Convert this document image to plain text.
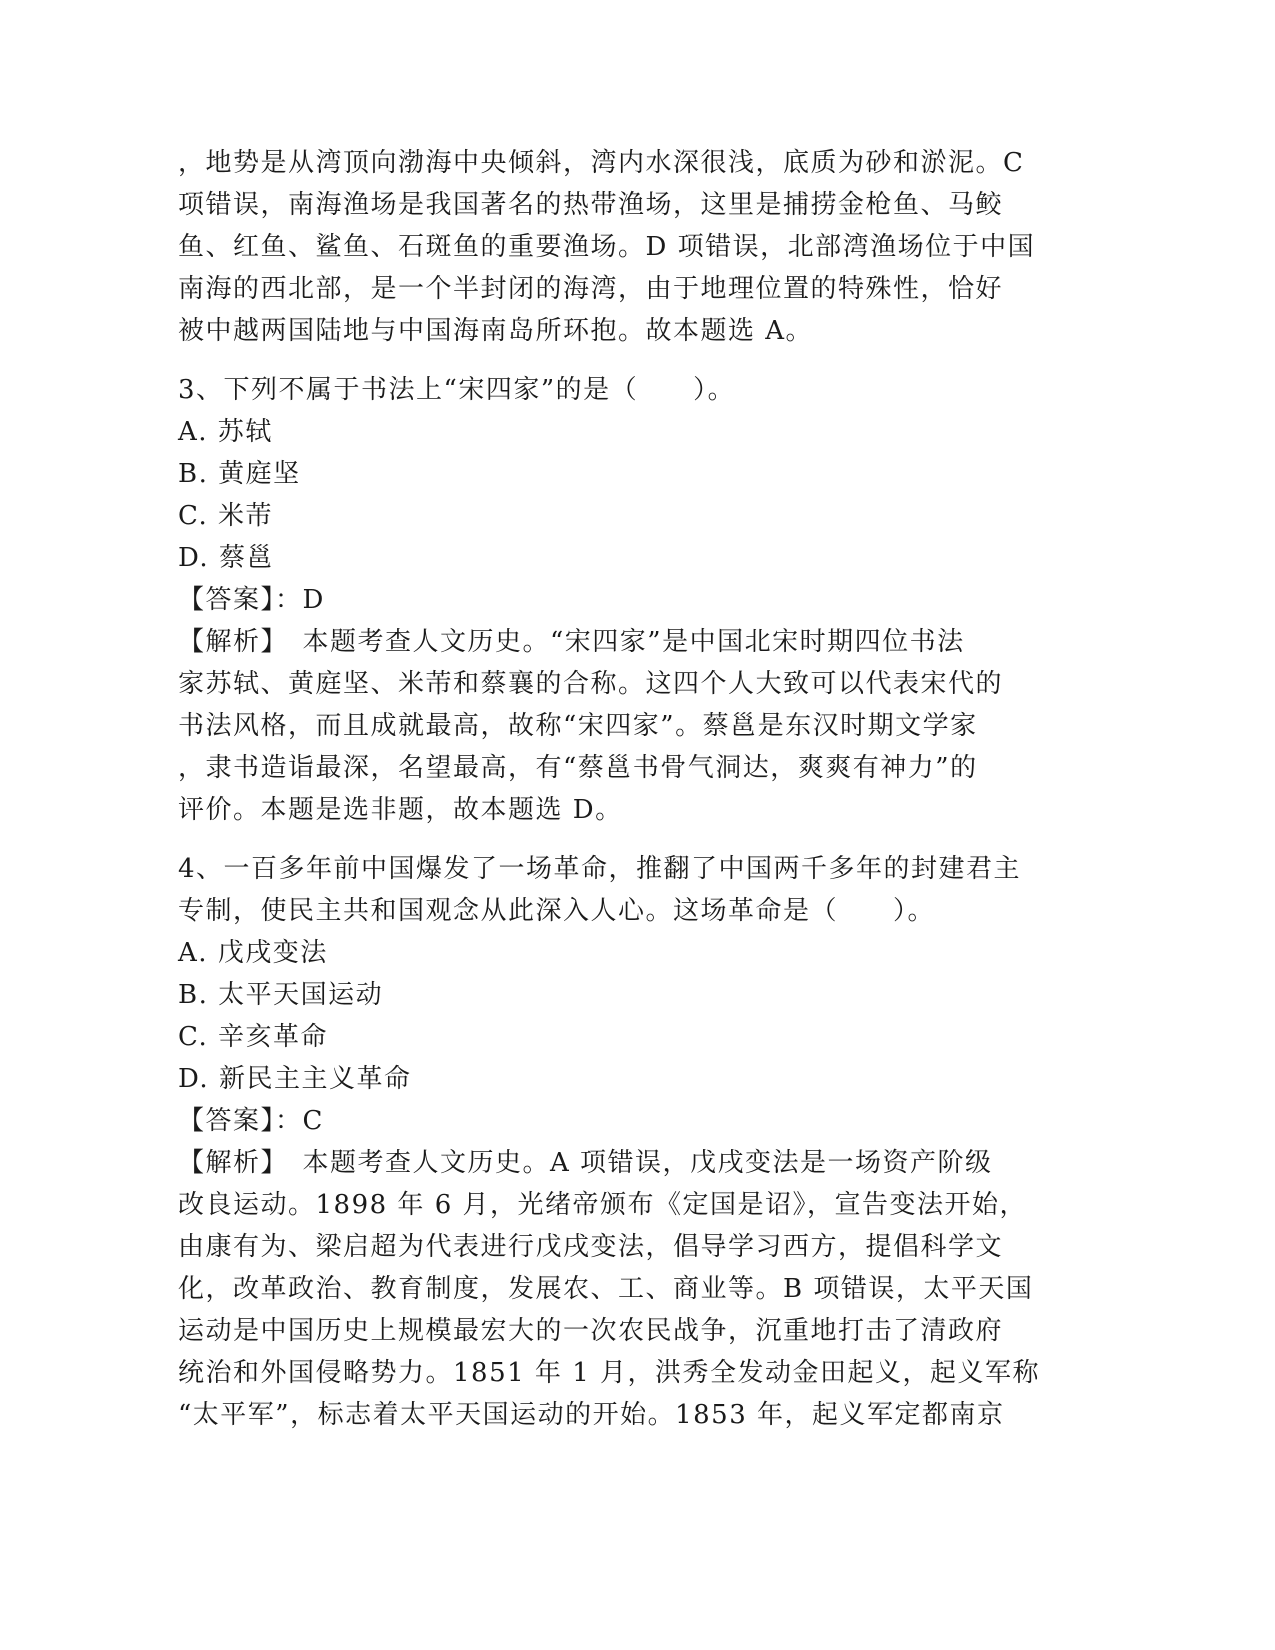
，地势是从湾顶向渤海中央倾斜，湾内水深很浅，底质为砂和淤泥。C
项错误，南海渔场是我国著名的热带渔场，这里是捕捞金枪鱼、马鲛
鱼、红鱼、鲨鱼、石斑鱼的重要渔场。D 项错误，北部湾渔场位于中国
南海的西北部，是一个半封闭的海湾，由于地理位置的特殊性，恰好
被中越两国陆地与中国海南岛所环抱。故本题选 A。
3、下列不属于书法上“宋四家”的是（　　）。
A. 苏轼
B. 黄庭坚
C. 米芾
D. 蔡邕
【答案】：D
【解析】　本题考查人文历史。“宋四家”是中国北宋时期四位书法
家苏轼、黄庭坚、米芾和蔡襄的合称。这四个人大致可以代表宋代的
书法风格，而且成就最高，故称“宋四家”。蔡邕是东汉时期文学家
，隶书造诣最深，名望最高，有“蔡邕书骨气洞达，爽爽有神力”的
评价。本题是选非题，故本题选 D。
4、一百多年前中国爆发了一场革命，推翻了中国两千多年的封建君主
专制，使民主共和国观念从此深入人心。这场革命是（　　）。
A. 戊戌变法
B. 太平天国运动
C. 辛亥革命
D. 新民主主义革命
【答案】：C
【解析】　本题考查人文历史。A 项错误，戊戌变法是一场资产阶级
改良运动。1898 年 6 月，光绪帝颁布《定国是诏》，宣告变法开始，
由康有为、梁启超为代表进行戊戌变法，倡导学习西方，提倡科学文
化，改革政治、教育制度，发展农、工、商业等。B 项错误，太平天国
运动是中国历史上规模最宏大的一次农民战争，沉重地打击了清政府
统治和外国侵略势力。1851 年 1 月，洪秀全发动金田起义，起义军称
“太平军”，标志着太平天国运动的开始。1853 年，起义军定都南京
